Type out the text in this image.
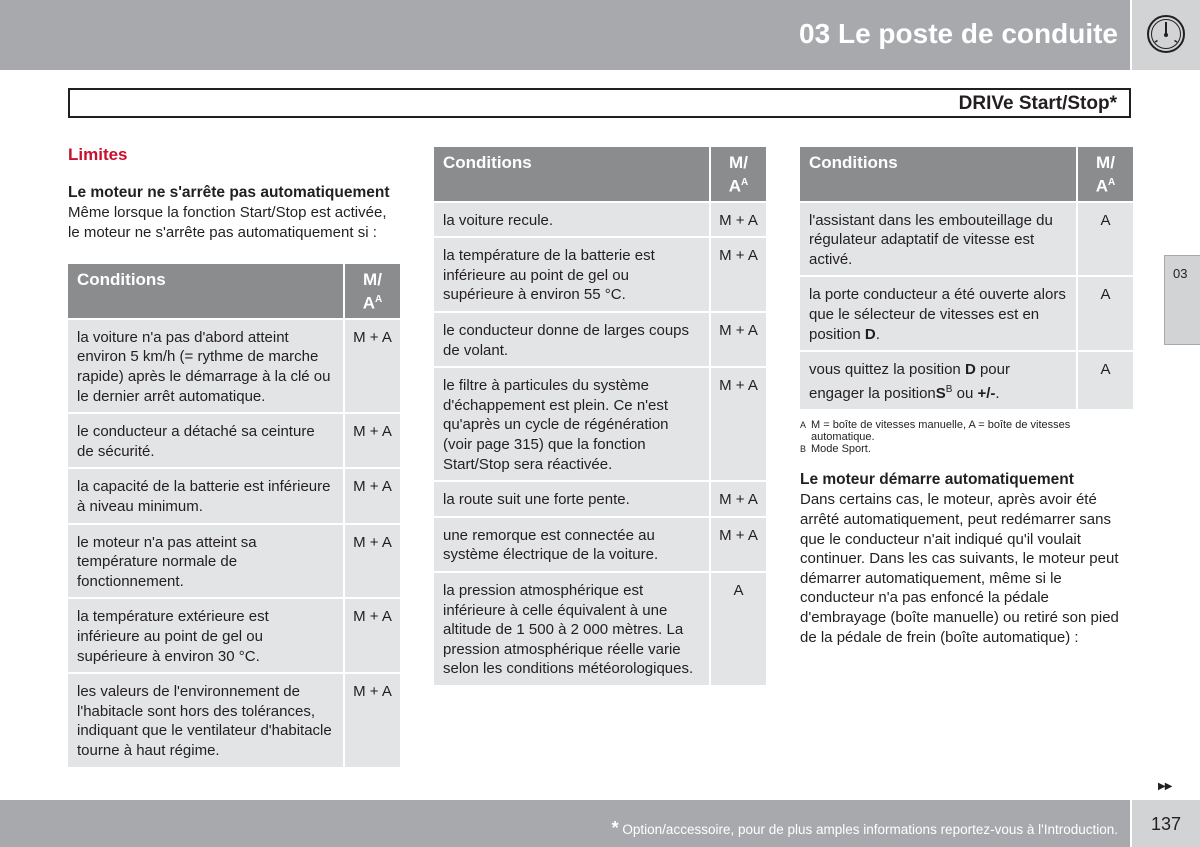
03 Le poste de conduite
DRIVe Start/Stop*
03
Limites
Le moteur ne s'arrête pas automatiquement
Même lorsque la fonction Start/Stop est activée, le moteur ne s'arrête pas automatiquement si :
Conditions	M/
$A^A$
la voiture n'a pas d'abord atteint environ 5 km/h (= rythme de marche rapide) après le démarrage à la clé ou le dernier arrêt automatique.	M + A
le conducteur a détaché sa ceinture de sécurité.	M + A
la capacité de la batterie est inférieure à niveau minimum.	M + A
le moteur n'a pas atteint sa température normale de fonctionnement.	M + A
la température extérieure est inférieure au point de gel ou supérieure à environ 30 °C.	M + A
les valeurs de l'environnement de l'habitacle sont hors des tolérances, indiquant que le ventilateur d'habitacle tourne à haut régime.	M + A
Conditions	M/
$A^A$
la voiture recule.	M + A
la température de la batterie est inférieure au point de gel ou supérieure à environ 55 °C.	M + A
le conducteur donne de larges coups de volant.	M + A
le filtre à particules du système d'échappement est plein. Ce n'est qu'après un cycle de régénération (voir page 315) que la fonction Start/Stop sera réactivée.	M + A
la route suit une forte pente.	M + A
une remorque est connectée au système électrique de la voiture.	M + A
la pression atmosphérique est inférieure à celle équivalent à une altitude de 1 500 à 2 000 mètres. La pression atmosphérique réelle varie selon les conditions météorologiques.	A
Conditions	M/
$A^A$
l'assistant dans les embouteillage du régulateur adaptatif de vitesse est activé.	A
la porte conducteur a été ouverte alors que le sélecteur de vitesses est en position D.	A
vous quittez la position D pour engager la positionS$^B$ ou +/-.	A
A M = boîte de vitesses manuelle, A = boîte de vitesses automatique.
B Mode Sport.
Le moteur démarre automatiquement
Dans certains cas, le moteur, après avoir été arrêté automatiquement, peut redémarrer sans que le conducteur n'ait indiqué qu'il voulait continuer. Dans les cas suivants, le moteur peut démarrer automatiquement, même si le conducteur n'a pas enfoncé la pédale d'embrayage (boîte manuelle) ou retiré son pied de la pédale de frein (boîte automatique) :
▶▶
* Option/accessoire, pour de plus amples informations reportez-vous à l'Introduction.	137
